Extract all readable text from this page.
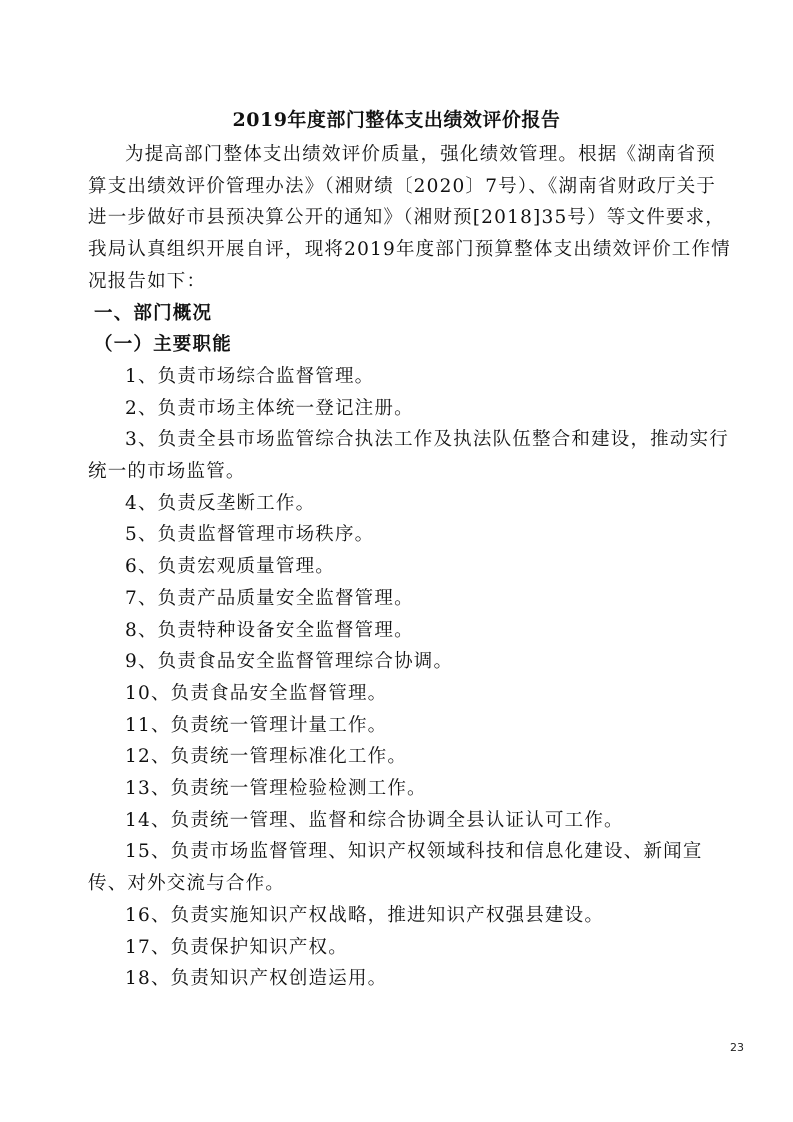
2019年度部门整体支出绩效评价报告

为提高部门整体支出绩效评价质量，强化绩效管理。根据《湖南省预算支出绩效评价管理办法》（湘财绩〔2020〕7号）、《湖南省财政厅关于进一步做好市县预决算公开的通知》（湘财预[2018]35号）等文件要求，我局认真组织开展自评，现将2019年度部门预算整体支出绩效评价工作情况报告如下：

一、部门概况

（一）主要职能

1、负责市场综合监督管理。

2、负责市场主体统一登记注册。

3、负责全县市场监管综合执法工作及执法队伍整合和建设，推动实行统一的市场监管。

4、负责反垄断工作。

5、负责监督管理市场秩序。

6、负责宏观质量管理。

7、负责产品质量安全监督管理。

8、负责特种设备安全监督管理。

9、负责食品安全监督管理综合协调。

10、负责食品安全监督管理。

11、负责统一管理计量工作。

12、负责统一管理标准化工作。

13、负责统一管理检验检测工作。

14、负责统一管理、监督和综合协调全县认证认可工作。

15、负责市场监督管理、知识产权领域科技和信息化建设、新闻宣传、对外交流与合作。

16、负责实施知识产权战略，推进知识产权强县建设。

17、负责保护知识产权。

18、负责知识产权创造运用。

23
